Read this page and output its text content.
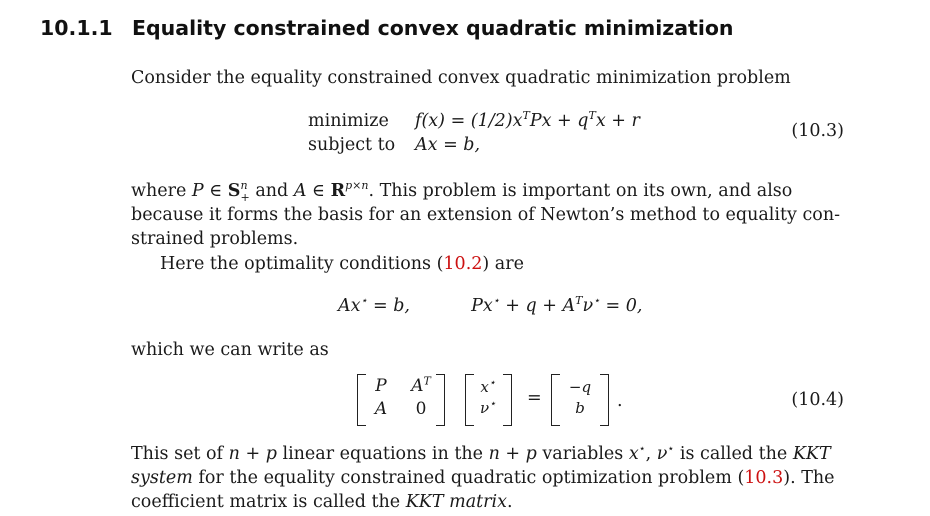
10.1.1 Equality constrained convex quadratic minimization
Consider the equality constrained convex quadratic minimization problem
minimize $f(x) = (1/2)x^TPx + q^Tx + r$
subject to Ax = b,
(10.3)
where P ∈ $S^n_+$ and A ∈ $R^{p\times n}$. This problem is important on its own, and also
because it forms the basis for an extension of Newton’s method to equality con-
strained problems.
Here the optimality conditions (10.2) are
Ax⋆ = b,	$Px^⋆ + q + A^T\nu^⋆ = 0$,
which we can write as
P	$A^T$
A	0
x⋆
ν⋆	=
−q
b	.	(10.4)
This set of n + p linear equations in the n + p variables x⋆, ν⋆ is called the KKT
system for the equality constrained quadratic optimization problem (10.3). The
coefficient matrix is called the KKT matrix.
